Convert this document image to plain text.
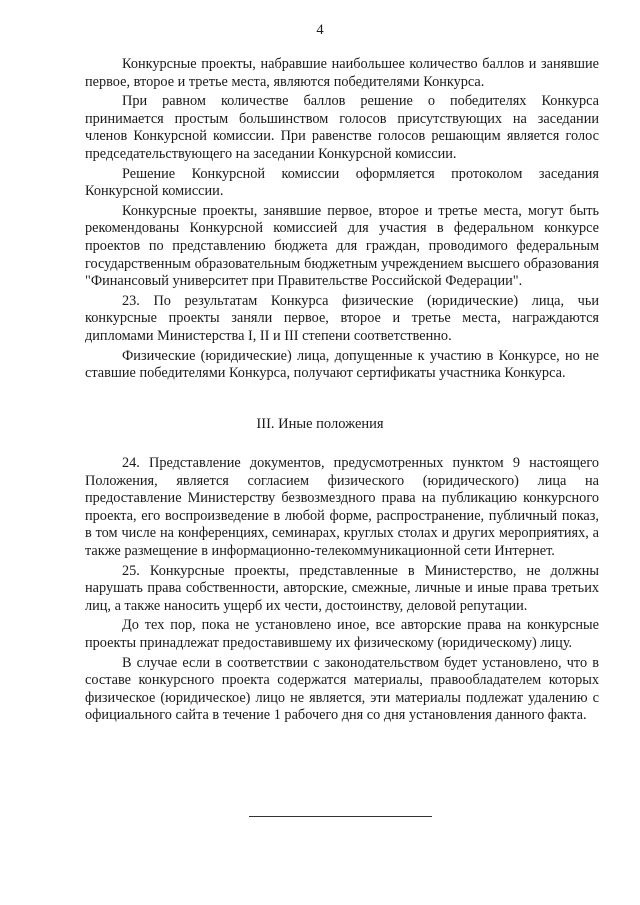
4

Конкурсные проекты, набравшие наибольшее количество баллов и занявшие первое, второе и третье места, являются победителями Конкурса.

При равном количестве баллов решение о победителях Конкурса принимается простым большинством голосов присутствующих на заседании членов Конкурсной комиссии. При равенстве голосов решающим является голос председательствующего на заседании Конкурсной комиссии.

Решение Конкурсной комиссии оформляется протоколом заседания Конкурсной комиссии.

Конкурсные проекты, занявшие первое, второе и третье места, могут быть рекомендованы Конкурсной комиссией для участия в федеральном конкурсе проектов по представлению бюджета для граждан, проводимого федеральным государственным образовательным бюджетным учреждением высшего образования "Финансовый университет при Правительстве Российской Федерации".

23. По результатам Конкурса физические (юридические) лица, чьи конкурсные проекты заняли первое, второе и третье места, награждаются дипломами Министерства I, II и III степени соответственно.

Физические (юридические) лица, допущенные к участию в Конкурсе, но не ставшие победителями Конкурса, получают сертификаты участника Конкурса.

III. Иные положения

24. Представление документов, предусмотренных пунктом 9 настоящего Положения, является согласием физического (юридического) лица на предоставление Министерству безвозмездного права на публикацию конкурсного проекта, его воспроизведение в любой форме, распространение, публичный показ, в том числе на конференциях, семинарах, круглых столах и других мероприятиях, а также размещение в информационно-телекоммуникационной сети Интернет.

25. Конкурсные проекты, представленные в Министерство, не должны нарушать права собственности, авторские, смежные, личные и иные права третьих лиц, а также наносить ущерб их чести, достоинству, деловой репутации.

До тех пор, пока не установлено иное, все авторские права на конкурсные проекты принадлежат предоставившему их физическому (юридическому) лицу.

В случае если в соответствии с законодательством будет установлено, что в составе конкурсного проекта содержатся материалы, правообладателем которых физическое (юридическое) лицо не является, эти материалы подлежат удалению с официального сайта в течение 1 рабочего дня со дня установления данного факта.
